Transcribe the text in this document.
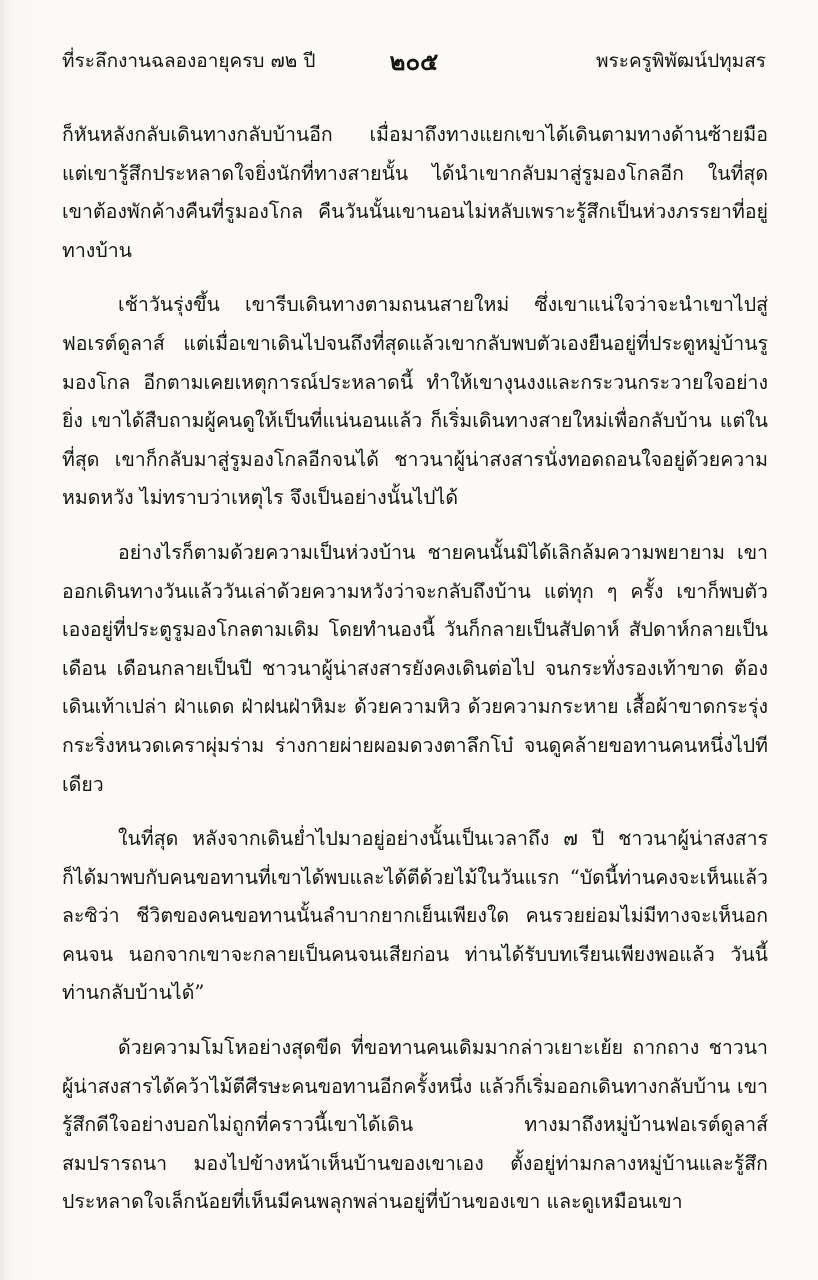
ที่ระลึกงานฉลองอายุครบ ๗๒ ปี	๒๐๕	พระครูพิพัฒน์ปทุมสร

ก็หันหลังกลับเดินทางกลับบ้านอีก เมื่อมาถึงทางแยกเขาได้เดินตามทางด้านซ้ายมือ แต่เขารู้สึกประหลาดใจยิ่งนักที่ทางสายนั้น ได้นำเขากลับมาสู่รูมองโกลอีก ในที่สุด เขาต้องพักค้างคืนที่รูมองโกล คืนวันนั้นเขานอนไม่หลับเพราะรู้สึกเป็นห่วงภรรยาที่อยู่ทางบ้าน

เช้าวันรุ่งขึ้น เขารีบเดินทางตามถนนสายใหม่ ซึ่งเขาแน่ใจว่าจะนำเขาไปสู่ฟอเรต์ดูลาส์ แต่เมื่อเขาเดินไปจนถึงที่สุดแล้วเขากลับพบตัวเองยืนอยู่ที่ประตูหมู่บ้านรูมองโกล อีกตามเคยเหตุการณ์ประหลาดนี้ ทำให้เขางุนงงและกระวนกระวายใจอย่างยิ่ง เขาได้สืบถามผู้คนดูให้เป็นที่แน่นอนแล้ว ก็เริ่มเดินทางสายใหม่เพื่อกลับบ้าน แต่ในที่สุด เขาก็กลับมาสู่รูมองโกลอีกจนได้ ชาวนาผู้น่าสงสารนั่งทอดถอนใจอยู่ด้วยความหมดหวัง ไม่ทราบว่าเหตุไร จึงเป็นอย่างนั้นไปได้

อย่างไรก็ตามด้วยความเป็นห่วงบ้าน ชายคนนั้นมิได้เลิกล้มความพยายาม เขาออกเดินทางวันแล้ววันเล่าด้วยความหวังว่าจะกลับถึงบ้าน แต่ทุก ๆ ครั้ง เขาก็พบตัวเองอยู่ที่ประตูรูมองโกลตามเดิม โดยทำนองนี้ วันก็กลายเป็นสัปดาห์ สัปดาห์กลายเป็นเดือน เดือนกลายเป็นปี ชาวนาผู้น่าสงสารยังคงเดินต่อไป จนกระทั่งรองเท้าขาด ต้องเดินเท้าเปล่า ฝ่าแดด ฝ่าฝนฝ่าหิมะ ด้วยความหิว ด้วยความกระหาย เสื้อผ้าขาดกระรุ่งกระริ่งหนวดเคราผุ่มร่าม ร่างกายผ่ายผอมดวงตาลึกโบ๋ จนดูคล้ายขอทานคนหนึ่งไปทีเดียว

ในที่สุด หลังจากเดินย่ำไปมาอยู่อย่างนั้นเป็นเวลาถึง ๗ ปี ชาวนาผู้น่าสงสารก็ได้มาพบกับคนขอทานที่เขาได้พบและได้ตีด้วยไม้ในวันแรก “บัดนี้ท่านคงจะเห็นแล้วละซิว่า ชีวิตของคนขอทานนั้นลำบากยากเย็นเพียงใด คนรวยย่อมไม่มีทางจะเห็นอกคนจน นอกจากเขาจะกลายเป็นคนจนเสียก่อน ท่านได้รับบทเรียนเพียงพอแล้ว วันนี้ท่านกลับบ้านได้”

ด้วยความโมโหอย่างสุดขีด ที่ขอทานคนเดิมมากล่าวเยาะเย้ย ถากถาง ชาวนาผู้น่าสงสารได้คว้าไม้ตีศีรษะคนขอทานอีกครั้งหนึ่ง แล้วก็เริ่มออกเดินทางกลับบ้าน เขารู้สึกดีใจอย่างบอกไม่ถูกที่คราวนี้เขาได้เดิน ทางมาถึงหมู่บ้านฟอเรต์ดูลาส์สมปรารถนา มองไปข้างหน้าเห็นบ้านของเขาเอง ตั้งอยู่ท่ามกลางหมู่บ้านและรู้สึกประหลาดใจเล็กน้อยที่เห็นมีคนพลุกพล่านอยู่ที่บ้านของเขา และดูเหมือนเขา
